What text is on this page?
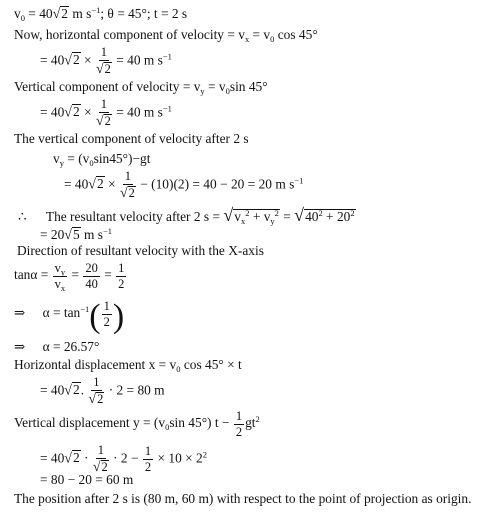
$v_0 = 40√2$ m $s^{-1}$; θ = 45°; t = 2 s
Now, horizontal component of velocity = $v_x = v_0$ cos 45°
= $40√2 \times \frac{1}{√2} = 40$ m $s^{-1}$
Vertical component of velocity = $v_y = v_0\sin$ 45°
= $40√2 \times \frac{1}{√2} = 40$ m $s^{-1}$
The vertical component of velocity after 2 s
$v_y = (v_0\sin 45^\circ)-gt$
= $40√2 \times \frac{1}{√2} - (10)(2) = 40 - 20 = 20$ m $s^{-1}$
∴ The resultant velocity after 2 $s = √v_x^2 + v_y^2 = √40^2 + 20^2$
= 20√5 m $s^{-1}$
Direction of resultant velocity with the X-axis
$\tan\alpha = \frac{v_y}{v_x} = \frac{20}{40} = \frac{1}{2}$
⇒ $\alpha = \tan^{-1}( \frac{1}{2}$ )
⇒ α = 26.57°
Horizontal displacement $x = v_0$ cos 45° × t
= 40√2. $\frac{1}{√2} \cdot 2 = 80$ m
Vertical displacement $y = (v_0\sin$ 45°) $t - \frac{1}{2} gt^2$
= $40√2 \cdot \frac{1}{√2} \cdot 2 - \frac{1}{2} \times 10 \times 2^2$
= 80 − 20 = 60 m
The position after 2 s is (80 m, 60 m) with respect to the point of projection as origin.
